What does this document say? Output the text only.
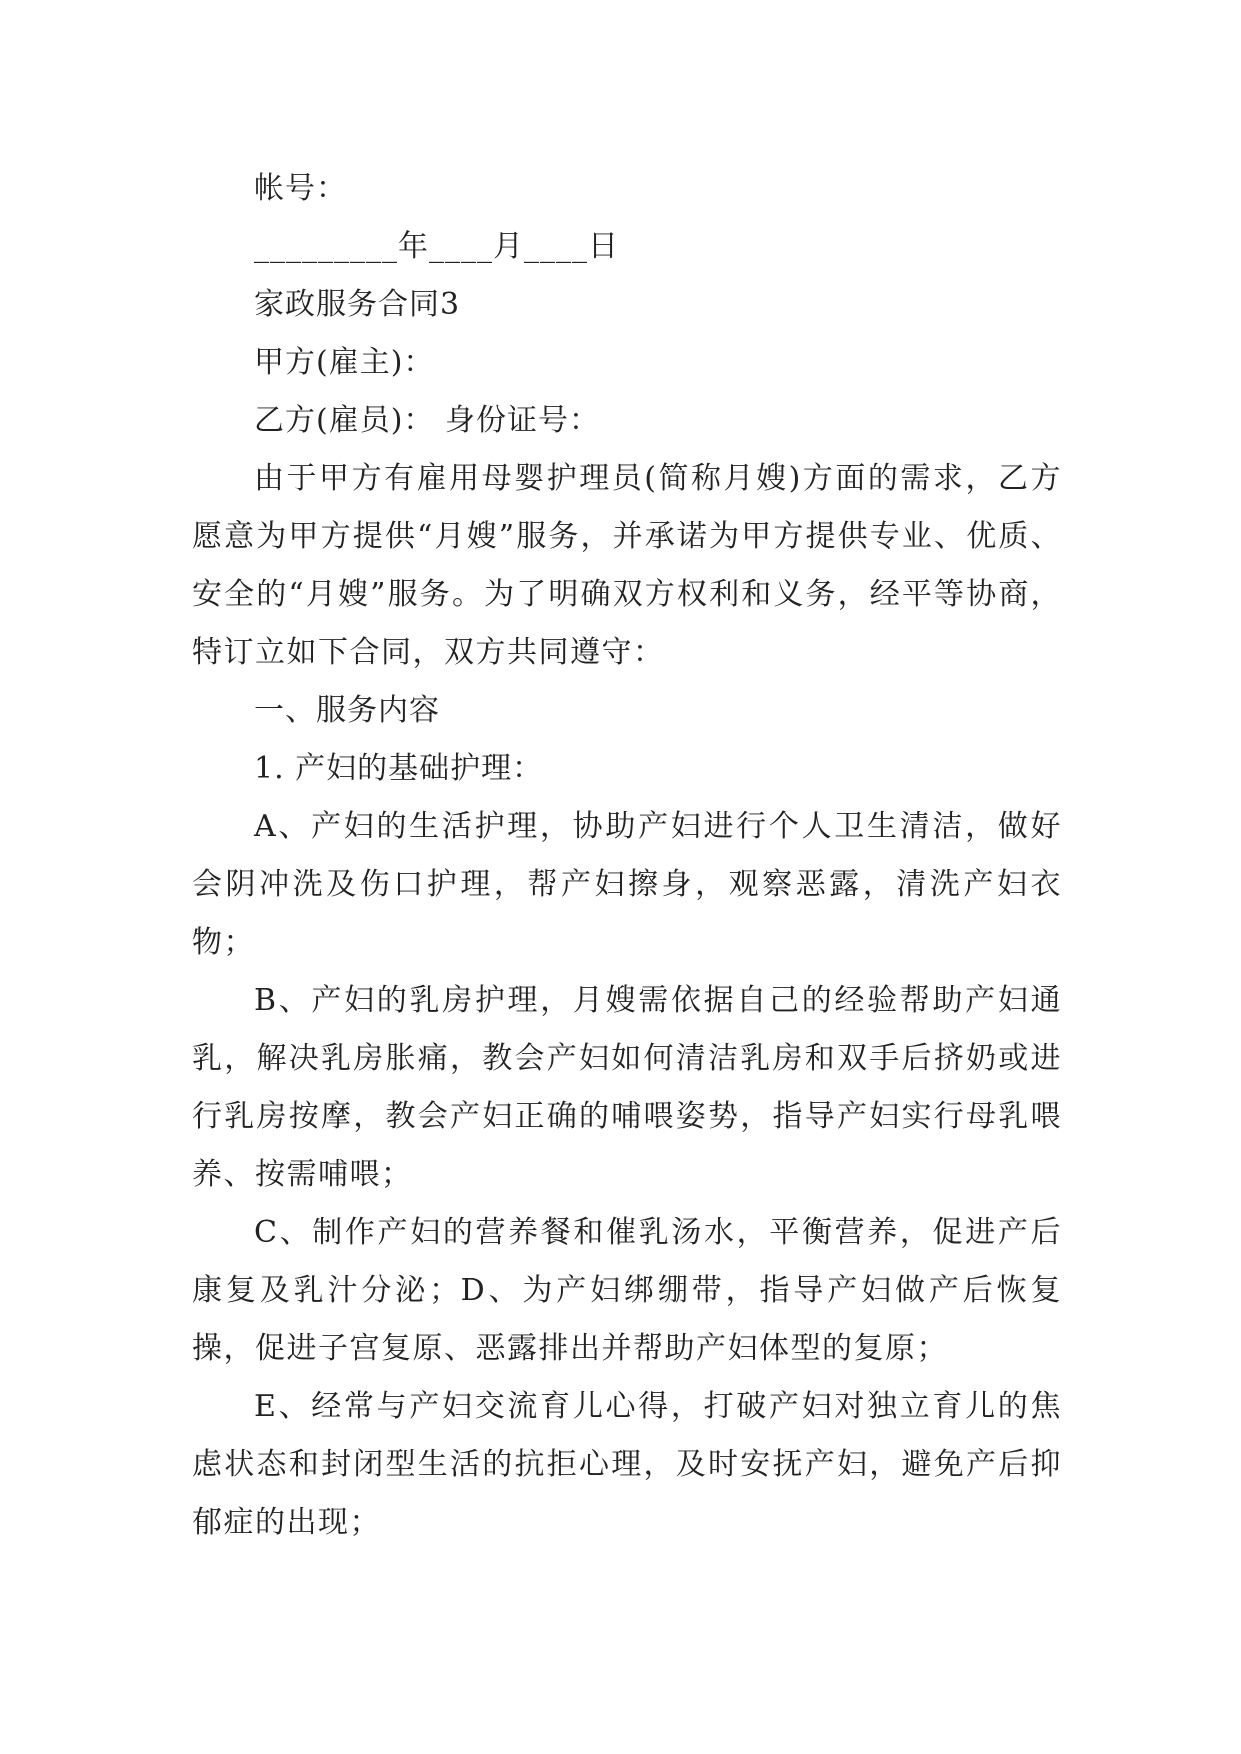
帐号：

_________年____月____日

家政服务合同3

甲方(雇主)：

乙方(雇员)： 身份证号：

由于甲方有雇用母婴护理员(简称月嫂)方面的需求，乙方愿意为甲方提供“月嫂”服务，并承诺为甲方提供专业、优质、安全的“月嫂”服务。为了明确双方权利和义务，经平等协商，特订立如下合同，双方共同遵守：

一、服务内容

1. 产妇的基础护理：

A、产妇的生活护理，协助产妇进行个人卫生清洁，做好会阴冲洗及伤口护理，帮产妇擦身，观察恶露，清洗产妇衣物；

B、产妇的乳房护理，月嫂需依据自己的经验帮助产妇通乳，解决乳房胀痛，教会产妇如何清洁乳房和双手后挤奶或进行乳房按摩，教会产妇正确的哺喂姿势，指导产妇实行母乳喂养、按需哺喂；

C、制作产妇的营养餐和催乳汤水，平衡营养，促进产后康复及乳汁分泌；D、为产妇绑绷带，指导产妇做产后恢复操，促进子宫复原、恶露排出并帮助产妇体型的复原；

E、经常与产妇交流育儿心得，打破产妇对独立育儿的焦虑状态和封闭型生活的抗拒心理，及时安抚产妇，避免产后抑郁症的出现；
